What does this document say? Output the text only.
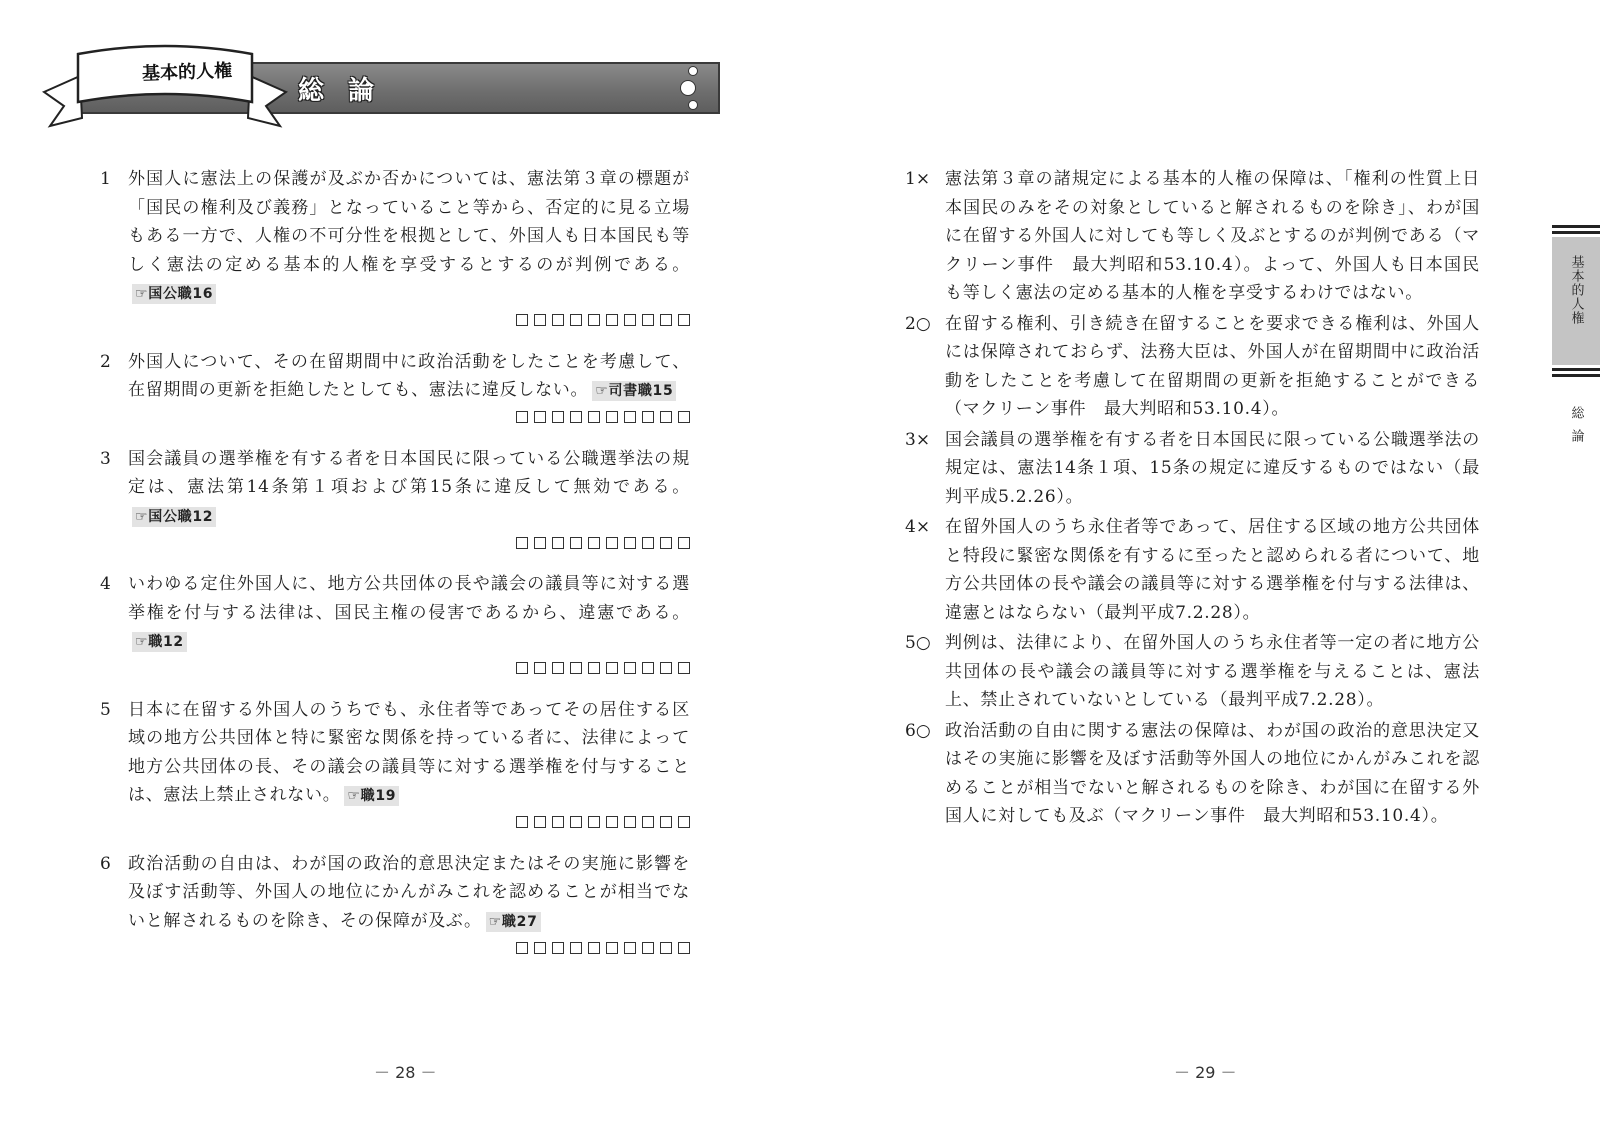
総論
基本的人権
1	外国人に憲法上の保護が及ぶか否かについては、憲法第３章の標題が「国民の権利及び義務」となっていること等から、否定的に見る立場もある一方で、人権の不可分性を根拠として、外国人も日本国民も等しく憲法の定める基本的人権を享受するとするのが判例である。☞国公職16
2	外国人について、その在留期間中に政治活動をしたことを考慮して、在留期間の更新を拒絶したとしても、憲法に違反しない。 ☞司書職15
3	国会議員の選挙権を有する者を日本国民に限っている公職選挙法の規定は、憲法第14条第１項および第15条に違反して無効である。☞国公職12
4	いわゆる定住外国人に、地方公共団体の長や議会の議員等に対する選挙権を付与する法律は、国民主権の侵害であるから、違憲である。☞職12
5	日本に在留する外国人のうちでも、永住者等であってその居住する区域の地方公共団体と特に緊密な関係を持っている者に、法律によって地方公共団体の長、その議会の議員等に対する選挙権を付与することは、憲法上禁止されない。 ☞職19
6	政治活動の自由は、わが国の政治的意思決定またはその実施に影響を及ぼす活動等、外国人の地位にかんがみこれを認めることが相当でないと解されるものを除き、その保障が及ぶ。 ☞職27
1× 憲法第３章の諸規定による基本的人権の保障は、「権利の性質上日本国民のみをその対象としていると解されるものを除き」、わが国に在留する外国人に対しても等しく及ぶとするのが判例である（マクリーン事件　最大判昭和53.10.4）。よって、外国人も日本国民も等しく憲法の定める基本的人権を享受するわけではない。
2○ 在留する権利、引き続き在留することを要求できる権利は、外国人には保障されておらず、法務大臣は、外国人が在留期間中に政治活動をしたことを考慮して在留期間の更新を拒絶することができる（マクリーン事件　最大判昭和53.10.4）。
3× 国会議員の選挙権を有する者を日本国民に限っている公職選挙法の規定は、憲法14条１項、15条の規定に違反するものではない（最判平成5.2.26）。
4× 在留外国人のうち永住者等であって、居住する区域の地方公共団体と特段に緊密な関係を有するに至ったと認められる者について、地方公共団体の長や議会の議員等に対する選挙権を付与する法律は、違憲とはならない（最判平成7.2.28）。
5○ 判例は、法律により、在留外国人のうち永住者等一定の者に地方公共団体の長や議会の議員等に対する選挙権を与えることは、憲法上、禁止されていないとしている（最判平成7.2.28）。
6○ 政治活動の自由に関する憲法の保障は、わが国の政治的意思決定又はその実施に影響を及ぼす活動等外国人の地位にかんがみこれを認めることが相当でないと解されるものを除き、わが国に在留する外国人に対しても及ぶ（マクリーン事件　最大判昭和53.10.4）。
基本的人権
総論
－ 28 －	－ 29 －
